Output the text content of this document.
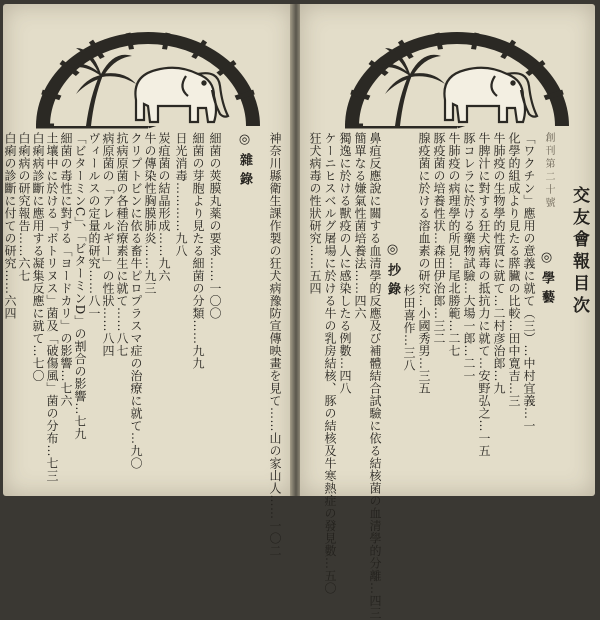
神奈川縣衛生課作製の狂犬病豫防宣傳映畫を見て……山の家山人……一〇二
◎雜錄
細菌の莢膜丸薬の要求……一〇〇
細菌の芽胞より見たる細菌の分類……九九
日光消毒…………九八
炭疽菌の結晶形成……九六
牛の傳染性胸膜肺炎……九三
クリプトビンに依る畜牛ピロプラスマ症の治療に就て…九〇
抗病原菌の各種治療素生に就て……八七
病原菌の「アレルギー」の性狀……八四
ヴィールスの定量的研究……八一
「ビターミンC」、「ビターミンD」の割合の影響…七九
細菌の毒性に對する「ヨードカリ」の影響…七六
土壤中に於ける「ボトリヌス」菌及「破傷風」菌の分布…七三
白痢病診斷に應用する凝集反應に就て…七〇
白痢病の研究報告……六七
白痢の診斷に付ての研究……六四	交友會報目次
創刊第二十號
◎學藝
「ワクチン」應用の意義に就て（三）…中村宜義…一
化學的組成より見たる膵臟の比較…田中寛吉…三
牛肺疫の生物學的性質に就て…二村彦治郎…九
牛脾汁に對する狂犬病毒の抵抗力に就て…安野弘之…一五
豚コレラに於ける藥物試驗…大場一郎…二一
牛肺疫の病理學的所見…尾北勝範…二七
豚疫菌の培養性状…森田伊治郎…三二
腺疫菌に於ける溶血素の研究…小國秀男…三五
杉田喜作…三八
◎抄錄
鼻疽反應說に關する血清學的反應及び補體結合試驗に依る結核菌の血清學的分離…四三
簡單なる嫌氣性菌培養法……四六
獨逸に於ける獸疫の人に感染したる例數…四八
ケーニヒスベルグ屠場に於ける牛の乳房結核、豚の結核及牛寒熱症の發見數…五〇
狂犬病毒の性狀研究……五四
